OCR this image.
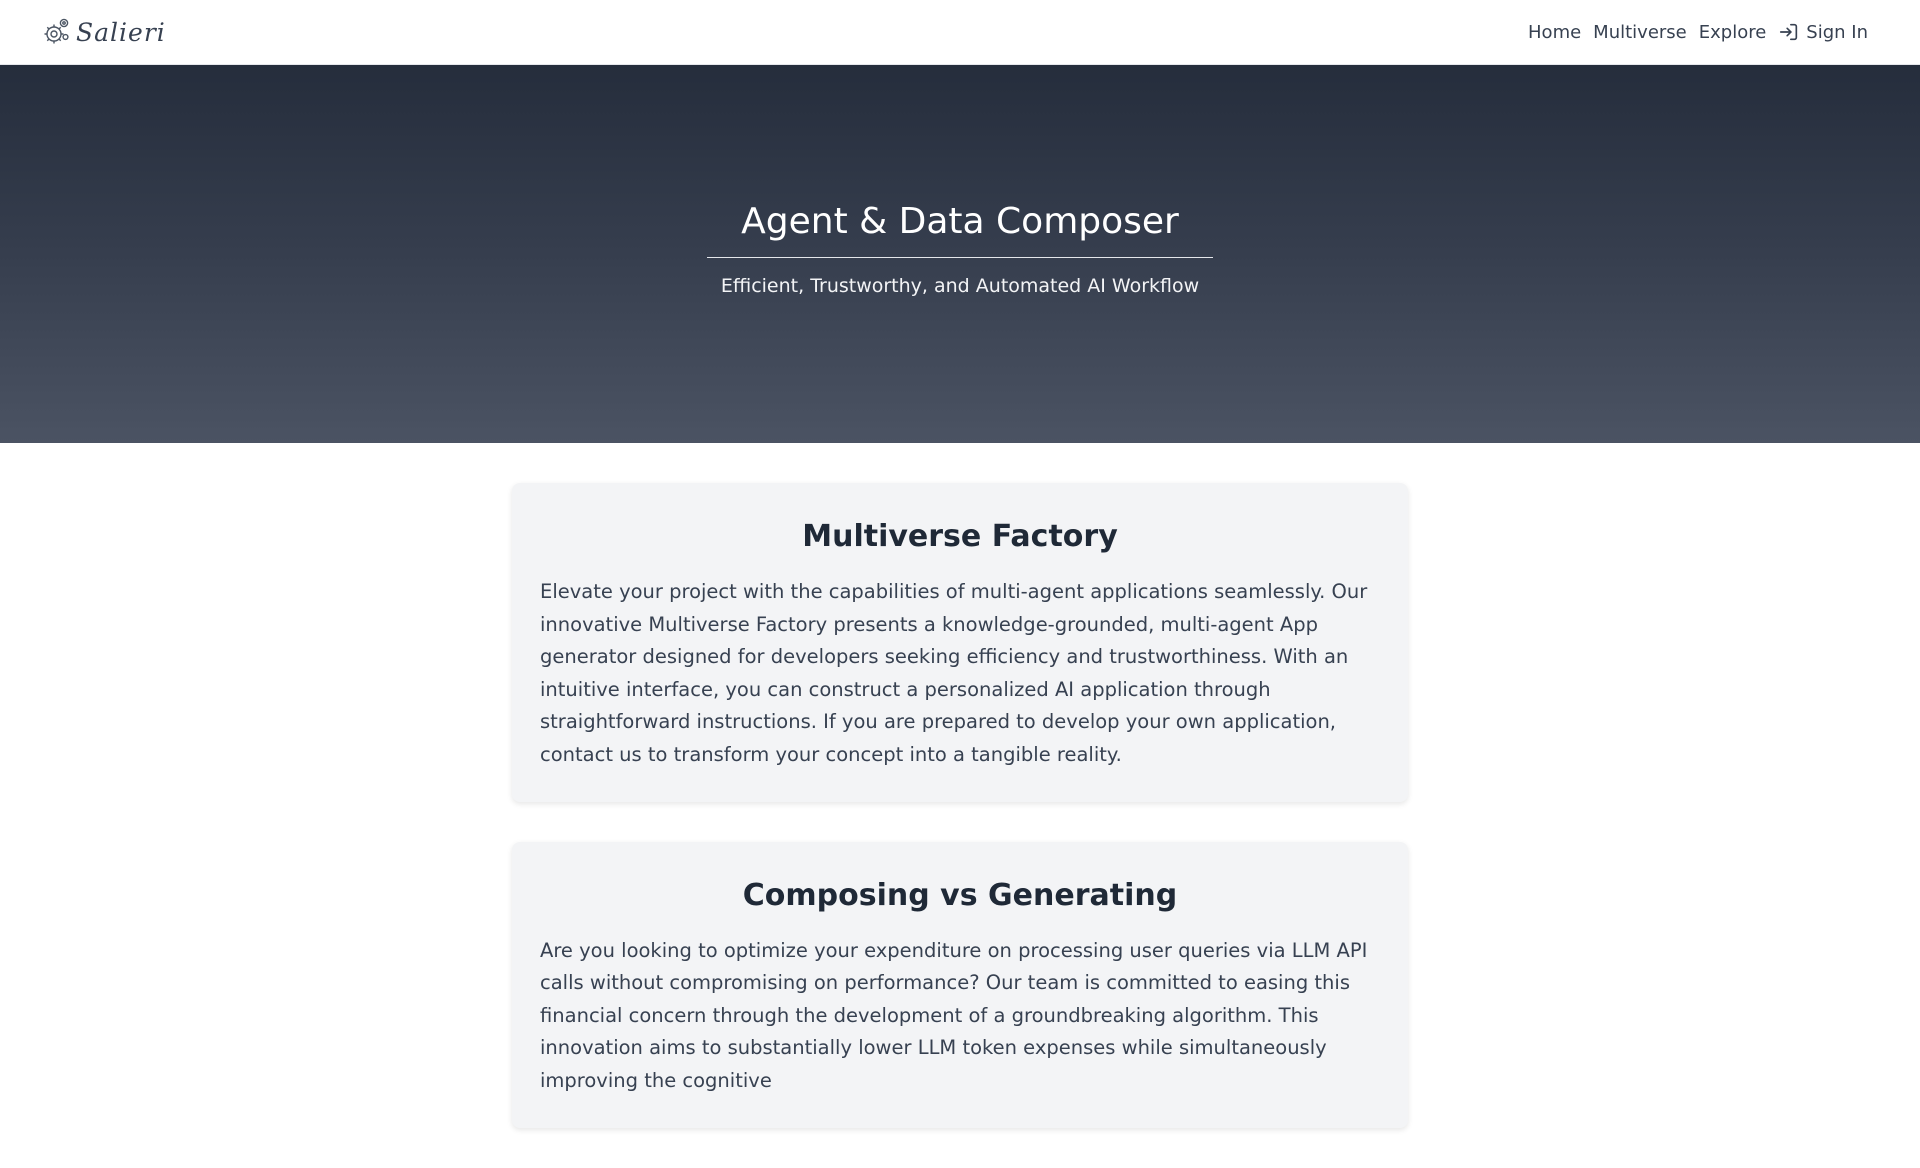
Salieri	Home Multiverse Explore Sign In
Agent & Data Composer
Efficient, Trustworthy, and Automated AI Workflow
Multiverse Factory

Elevate your project with the capabilities of multi-agent applications seamlessly. Our innovative Multiverse Factory presents a knowledge-grounded, multi-agent App generator designed for developers seeking efficiency and trustworthiness. With an intuitive interface, you can construct a personalized AI application through straightforward instructions. If you are prepared to develop your own application, contact us to transform your concept into a tangible reality.

Composing vs Generating

Are you looking to optimize your expenditure on processing user queries via LLM API calls without compromising on performance? Our team is committed to easing this financial concern through the development of a groundbreaking algorithm. This innovation aims to substantially lower LLM token expenses while simultaneously improving the cognitive
